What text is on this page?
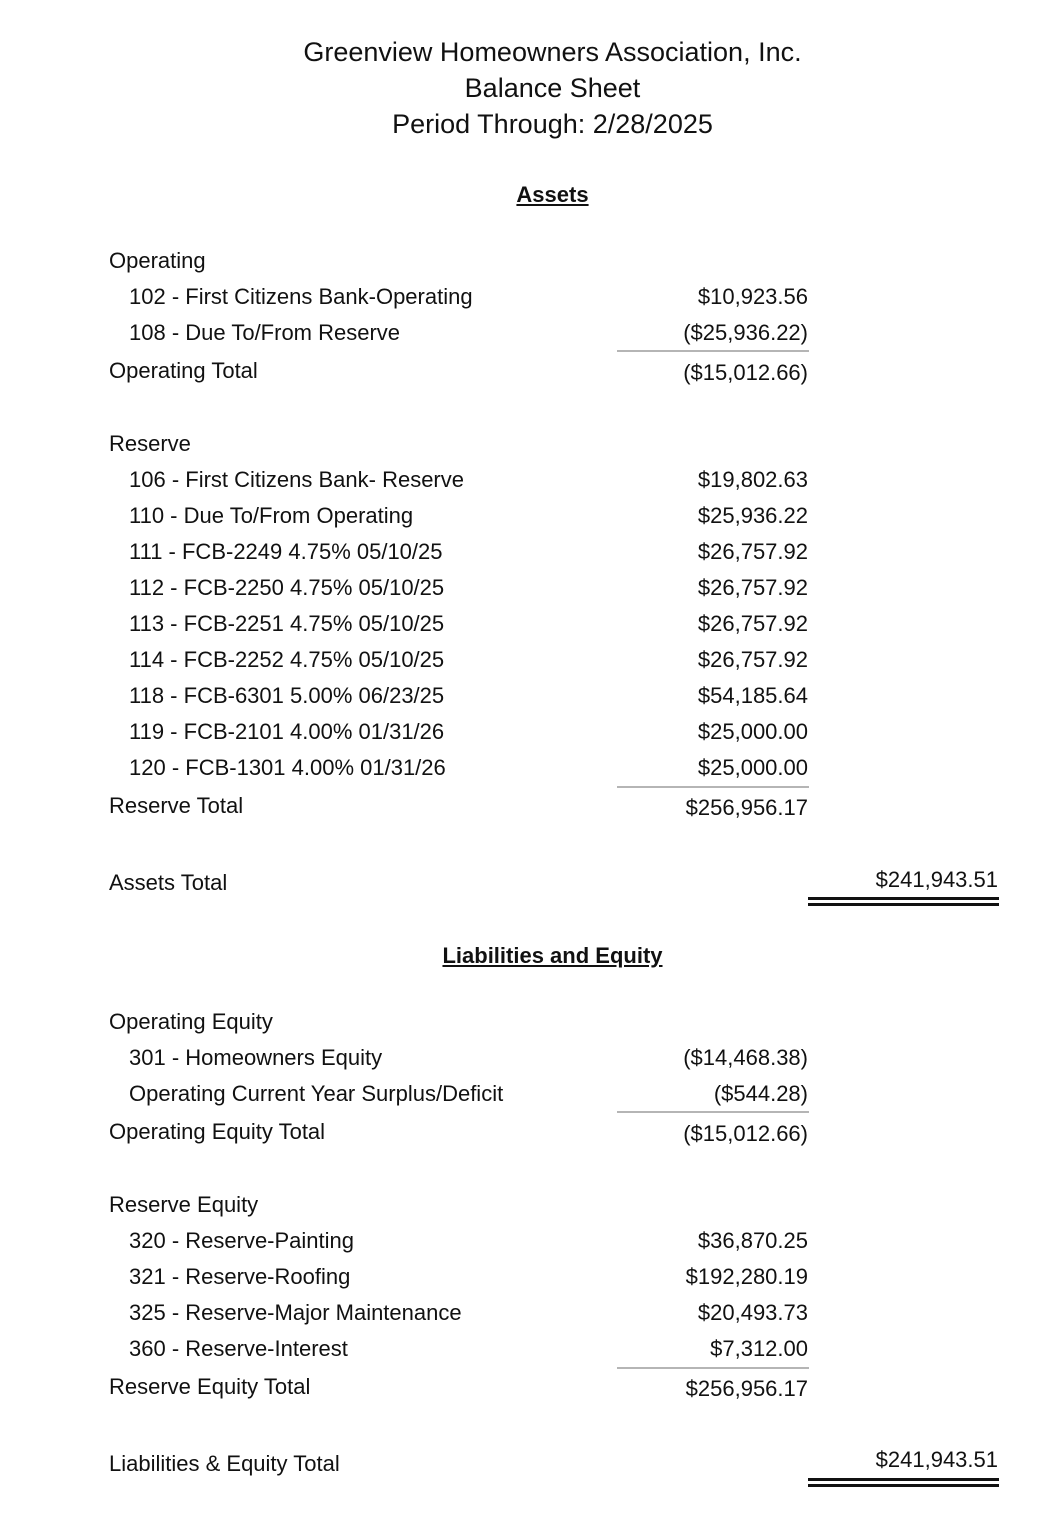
Greenview Homeowners Association, Inc.
Balance Sheet
Period Through: 2/28/2025
Assets
Operating
102 - First Citizens Bank-Operating	$10,923.56
108 - Due To/From Reserve	($25,936.22)
Operating Total	($15,012.66)
Reserve
106 - First Citizens Bank- Reserve	$19,802.63
110 - Due To/From Operating	$25,936.22
111 - FCB-2249 4.75% 05/10/25	$26,757.92
112 - FCB-2250 4.75% 05/10/25	$26,757.92
113 - FCB-2251 4.75% 05/10/25	$26,757.92
114 - FCB-2252 4.75% 05/10/25	$26,757.92
118 - FCB-6301 5.00% 06/23/25	$54,185.64
119 - FCB-2101 4.00% 01/31/26	$25,000.00
120 - FCB-1301 4.00% 01/31/26	$25,000.00
Reserve Total	$256,956.17
Assets Total	$241,943.51
Liabilities and Equity
Operating Equity
301 - Homeowners Equity	($14,468.38)
Operating Current Year Surplus/Deficit	($544.28)
Operating Equity Total	($15,012.66)
Reserve Equity
320 - Reserve-Painting	$36,870.25
321 - Reserve-Roofing	$192,280.19
325 - Reserve-Major Maintenance	$20,493.73
360 - Reserve-Interest	$7,312.00
Reserve Equity Total	$256,956.17
Liabilities & Equity Total	$241,943.51
